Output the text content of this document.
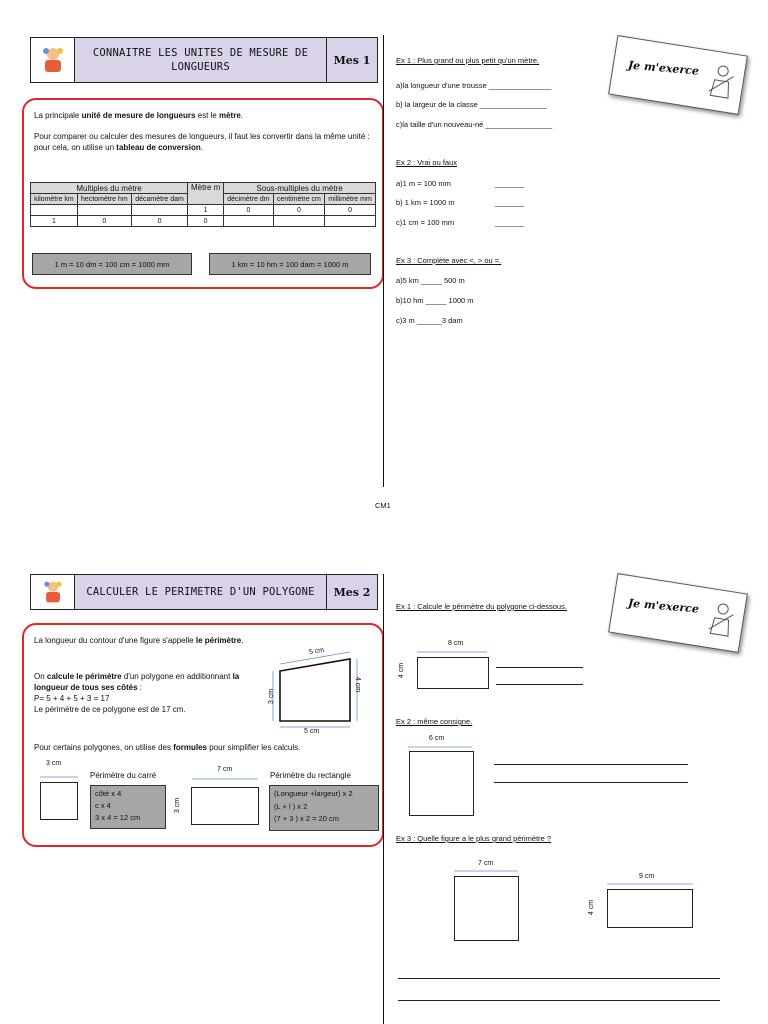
CONNAITRE LES UNITES DE MESURE DE LONGUEURS
Mes 1
La principale unité de mesure de longueurs est le mètre.
Pour comparer ou calculer des mesures de longueurs, il faut les convertir dans la même unité : pour cela, on utilise un tableau de conversion.
Multiples du mètre			Mètre m	Sous-multiples du mètre		
kilomètre km	hectomètre hm	décamètre dam		décimètre dm	centimètre cm	millimètre mm
			1	0	0	0
1	0	0	0			
1 m = 10 dm = 100 cm = 1000 mm	1 km = 10 hm = 100 dam = 1000 m
Je m'exerce
Ex 1 : Plus grand ou plus petit qu'un mètre.
a)la longueur d'une trousse _______________
b) la largeur de la classe ________________
c)la taille d'un nouveau-né ________________
Ex 2 : Vrai ou faux
a)1 m = 100 mm	_______
b) 1 km = 1000 m	_______
c)1 cm = 100 mm	_______
Ex 3 : Complète avec <, > ou =.
a)5 km _____ 500 m
b)10 hm _____ 1000 m
c)3 m ______3 dam
CM1
CALCULER LE PERIMETRE D'UN POLYGONE	Mes 2
La longueur du contour d'une figure s'appelle le périmètre.
On calcule le périmètre d'un polygone en additionnant la longueur de tous ses côtés :
P= 5 + 4 + 5 + 3 = 17
Le périmètre de ce polygone est de 17 cm.
5 cm
3 cm
4 cm
5 cm
Pour certains polygones, on utilise des formules pour simplifier les calculs.
3 cm
Périmètre du carré
côté x 4
c x 4
3 x 4 = 12 cm
7 cm
3 cm
Périmètre du rectangle
(Longueur +largeur) x 2
(L + l ) x 2
(7 + 3 ) x 2 = 20 cm
Je m'exerce
Ex 1 : Calcule le périmètre du polygone ci-dessous.
8 cm
4 cm
Ex 2 : même consigne.
6 cm
Ex 3 : Quelle figure a le plus grand périmètre ?
7 cm
9 cm
4 cm
